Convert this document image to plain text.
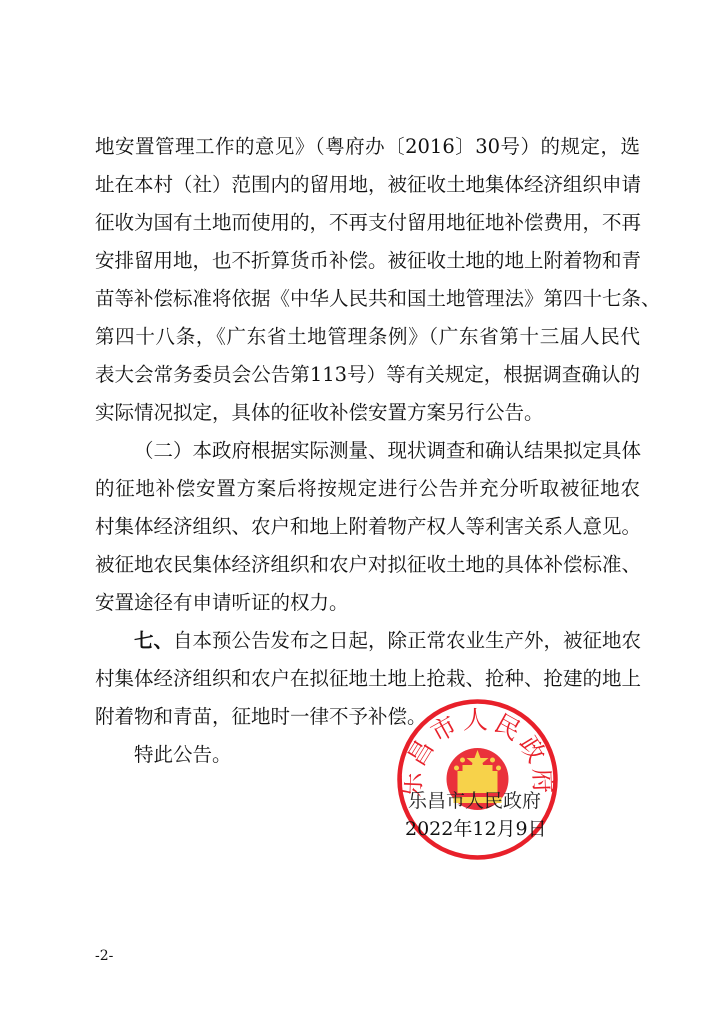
地安置管理工作的意见》（粤府办〔2016〕30号）的规定，选
址在本村（社）范围内的留用地，被征收土地集体经济组织申请
征收为国有土地而使用的，不再支付留用地征地补偿费用，不再
安排留用地，也不折算货币补偿。被征收土地的地上附着物和青
苗等补偿标准将依据《中华人民共和国土地管理法》第四十七条、
第四十八条，《广东省土地管理条例》（广东省第十三届人民代
表大会常务委员会公告第113号）等有关规定，根据调查确认的
实际情况拟定，具体的征收补偿安置方案另行公告。
（二）本政府根据实际测量、现状调查和确认结果拟定具体
的征地补偿安置方案后将按规定进行公告并充分听取被征地农
村集体经济组织、农户和地上附着物产权人等利害关系人意见。
被征地农民集体经济组织和农户对拟征收土地的具体补偿标准、
安置途径有申请听证的权力。
七、自本预公告发布之日起，除正常农业生产外，被征地农
村集体经济组织和农户在拟征地土地上抢栽、抢种、抢建的地上
附着物和青苗，征地时一律不予补偿。
特此公告。
乐昌市人民政府
乐昌市人民政府
2022年12月9日
-2-
